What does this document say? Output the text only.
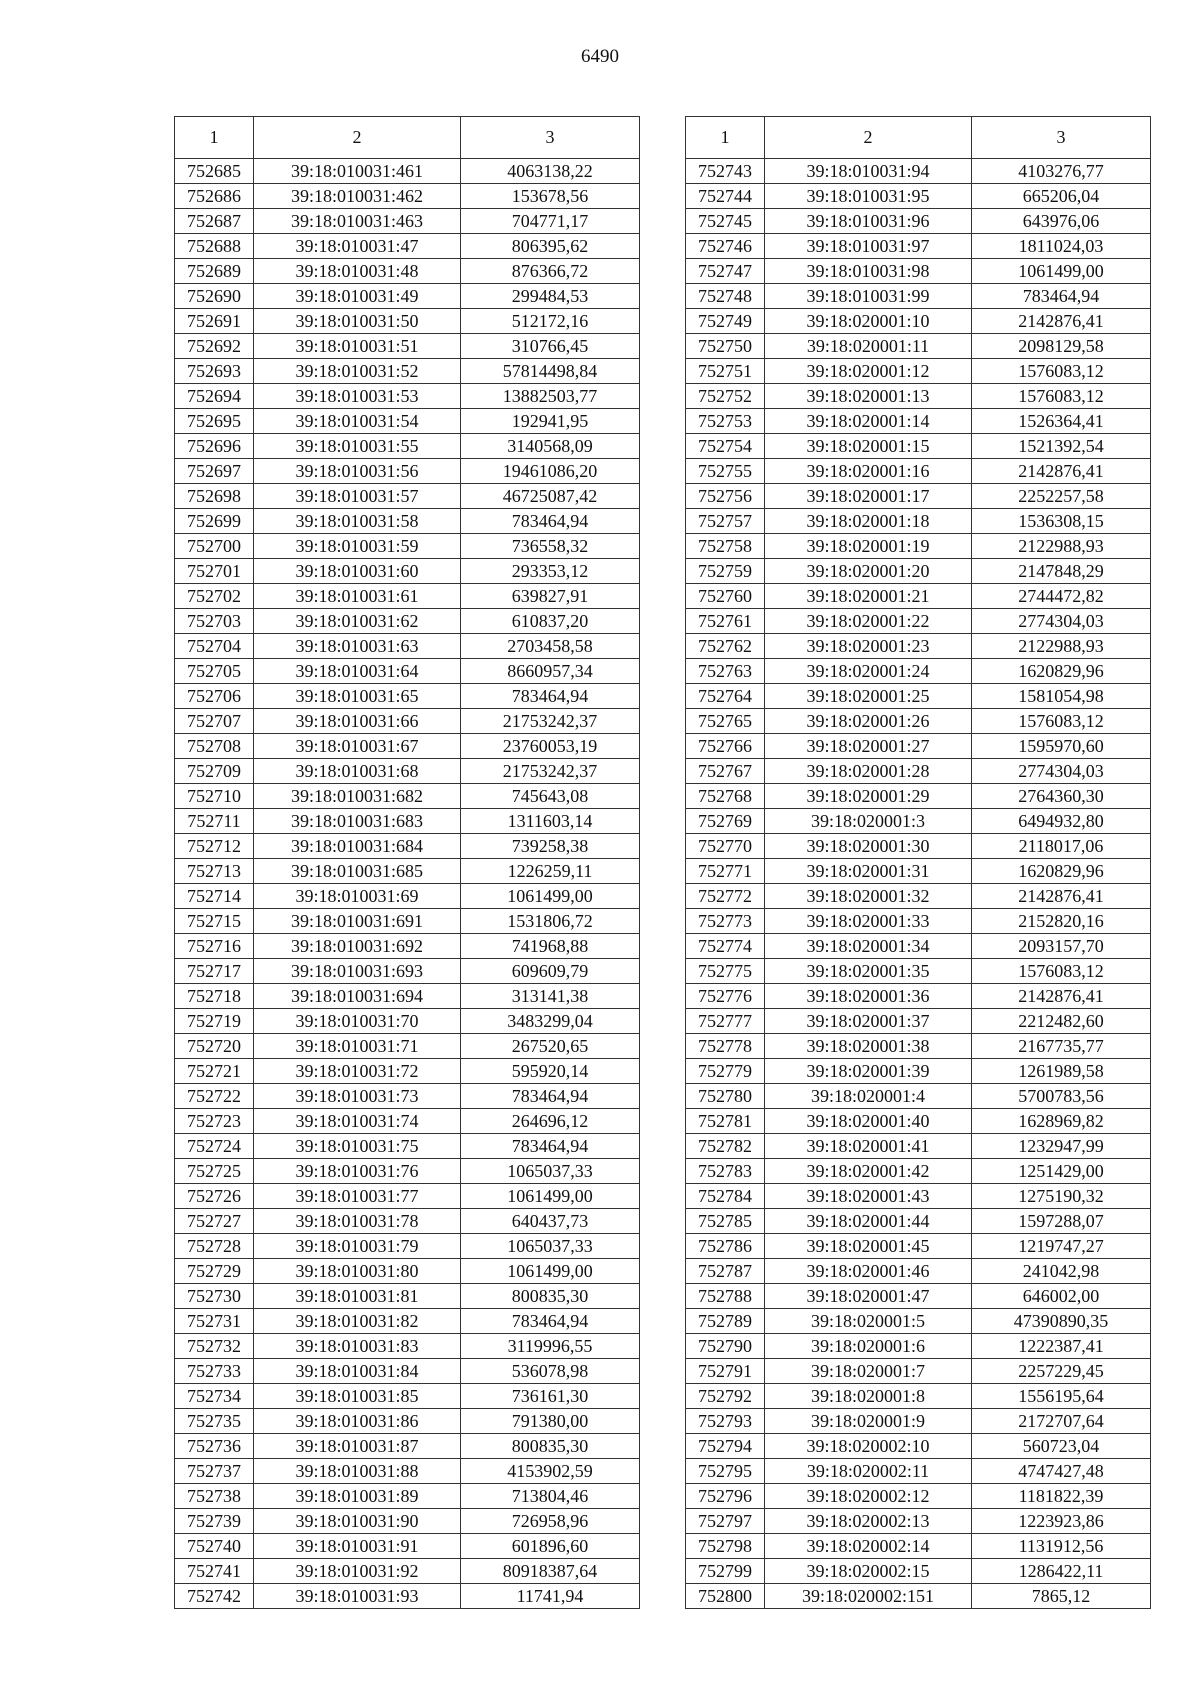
6490
1	2	3
752685	39:18:010031:461	4063138,22
752686	39:18:010031:462	153678,56
752687	39:18:010031:463	704771,17
752688	39:18:010031:47	806395,62
752689	39:18:010031:48	876366,72
752690	39:18:010031:49	299484,53
752691	39:18:010031:50	512172,16
752692	39:18:010031:51	310766,45
752693	39:18:010031:52	57814498,84
752694	39:18:010031:53	13882503,77
752695	39:18:010031:54	192941,95
752696	39:18:010031:55	3140568,09
752697	39:18:010031:56	19461086,20
752698	39:18:010031:57	46725087,42
752699	39:18:010031:58	783464,94
752700	39:18:010031:59	736558,32
752701	39:18:010031:60	293353,12
752702	39:18:010031:61	639827,91
752703	39:18:010031:62	610837,20
752704	39:18:010031:63	2703458,58
752705	39:18:010031:64	8660957,34
752706	39:18:010031:65	783464,94
752707	39:18:010031:66	21753242,37
752708	39:18:010031:67	23760053,19
752709	39:18:010031:68	21753242,37
752710	39:18:010031:682	745643,08
752711	39:18:010031:683	1311603,14
752712	39:18:010031:684	739258,38
752713	39:18:010031:685	1226259,11
752714	39:18:010031:69	1061499,00
752715	39:18:010031:691	1531806,72
752716	39:18:010031:692	741968,88
752717	39:18:010031:693	609609,79
752718	39:18:010031:694	313141,38
752719	39:18:010031:70	3483299,04
752720	39:18:010031:71	267520,65
752721	39:18:010031:72	595920,14
752722	39:18:010031:73	783464,94
752723	39:18:010031:74	264696,12
752724	39:18:010031:75	783464,94
752725	39:18:010031:76	1065037,33
752726	39:18:010031:77	1061499,00
752727	39:18:010031:78	640437,73
752728	39:18:010031:79	1065037,33
752729	39:18:010031:80	1061499,00
752730	39:18:010031:81	800835,30
752731	39:18:010031:82	783464,94
752732	39:18:010031:83	3119996,55
752733	39:18:010031:84	536078,98
752734	39:18:010031:85	736161,30
752735	39:18:010031:86	791380,00
752736	39:18:010031:87	800835,30
752737	39:18:010031:88	4153902,59
752738	39:18:010031:89	713804,46
752739	39:18:010031:90	726958,96
752740	39:18:010031:91	601896,60
752741	39:18:010031:92	80918387,64
752742	39:18:010031:93	11741,94
1	2	3
752743	39:18:010031:94	4103276,77
752744	39:18:010031:95	665206,04
752745	39:18:010031:96	643976,06
752746	39:18:010031:97	1811024,03
752747	39:18:010031:98	1061499,00
752748	39:18:010031:99	783464,94
752749	39:18:020001:10	2142876,41
752750	39:18:020001:11	2098129,58
752751	39:18:020001:12	1576083,12
752752	39:18:020001:13	1576083,12
752753	39:18:020001:14	1526364,41
752754	39:18:020001:15	1521392,54
752755	39:18:020001:16	2142876,41
752756	39:18:020001:17	2252257,58
752757	39:18:020001:18	1536308,15
752758	39:18:020001:19	2122988,93
752759	39:18:020001:20	2147848,29
752760	39:18:020001:21	2744472,82
752761	39:18:020001:22	2774304,03
752762	39:18:020001:23	2122988,93
752763	39:18:020001:24	1620829,96
752764	39:18:020001:25	1581054,98
752765	39:18:020001:26	1576083,12
752766	39:18:020001:27	1595970,60
752767	39:18:020001:28	2774304,03
752768	39:18:020001:29	2764360,30
752769	39:18:020001:3	6494932,80
752770	39:18:020001:30	2118017,06
752771	39:18:020001:31	1620829,96
752772	39:18:020001:32	2142876,41
752773	39:18:020001:33	2152820,16
752774	39:18:020001:34	2093157,70
752775	39:18:020001:35	1576083,12
752776	39:18:020001:36	2142876,41
752777	39:18:020001:37	2212482,60
752778	39:18:020001:38	2167735,77
752779	39:18:020001:39	1261989,58
752780	39:18:020001:4	5700783,56
752781	39:18:020001:40	1628969,82
752782	39:18:020001:41	1232947,99
752783	39:18:020001:42	1251429,00
752784	39:18:020001:43	1275190,32
752785	39:18:020001:44	1597288,07
752786	39:18:020001:45	1219747,27
752787	39:18:020001:46	241042,98
752788	39:18:020001:47	646002,00
752789	39:18:020001:5	47390890,35
752790	39:18:020001:6	1222387,41
752791	39:18:020001:7	2257229,45
752792	39:18:020001:8	1556195,64
752793	39:18:020001:9	2172707,64
752794	39:18:020002:10	560723,04
752795	39:18:020002:11	4747427,48
752796	39:18:020002:12	1181822,39
752797	39:18:020002:13	1223923,86
752798	39:18:020002:14	1131912,56
752799	39:18:020002:15	1286422,11
752800	39:18:020002:151	7865,12
